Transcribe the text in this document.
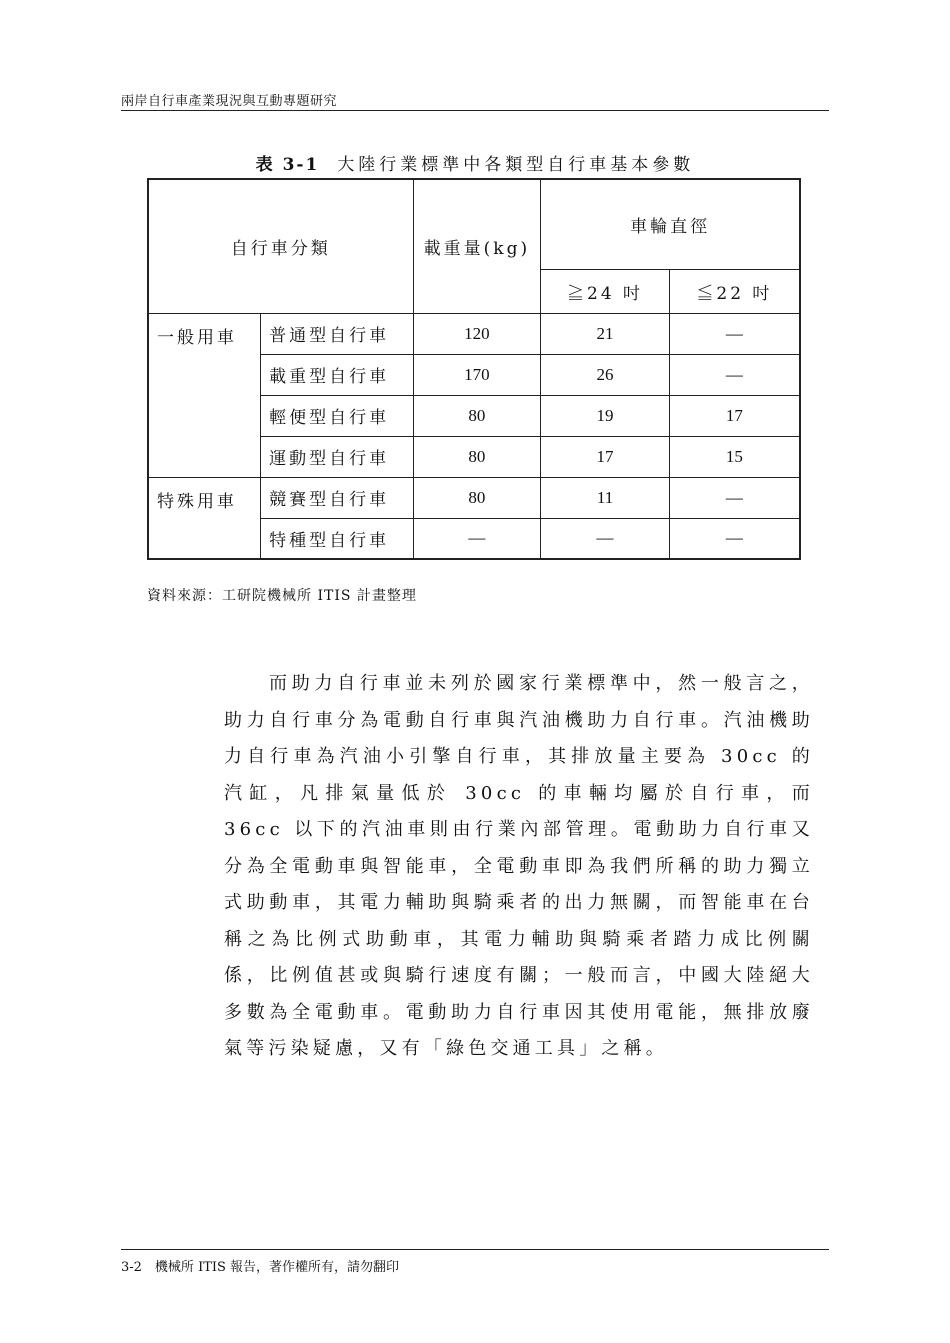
兩岸自行車產業現況與互動專題研究
表 3-1 大陸行業標準中各類型自行車基本參數
自行車分類		載重量(kg)	車輪直徑	
			≧24 吋	≦22 吋
一般用車	普通型自行車	120	21	—
	載重型自行車	170	26	—
	輕便型自行車	80	19	17
	運動型自行車	80	17	15
特殊用車	競賽型自行車	80	11	—
	特種型自行車	—	—	—
資料來源：工研院機械所 ITIS 計畫整理

而助力自行車並未列於國家行業標準中，然一般言之，助力自行車分為電動自行車與汽油機助力自行車。汽油機助力自行車為汽油小引擎自行車，其排放量主要為 30cc 的汽缸，凡排氣量低於 30cc 的車輛均屬於自行車，而 36cc 以下的汽油車則由行業內部管理。電動助力自行車又分為全電動車與智能車，全電動車即為我們所稱的助力獨立式助動車，其電力輔助與騎乘者的出力無關，而智能車在台稱之為比例式助動車，其電力輔助與騎乘者踏力成比例關係，比例值甚或與騎行速度有關；一般而言，中國大陸絕大多數為全電動車。電動助力自行車因其使用電能，無排放廢氣等污染疑慮，又有「綠色交通工具」之稱。

3-2　機械所 ITIS 報告，著作權所有，請勿翻印
